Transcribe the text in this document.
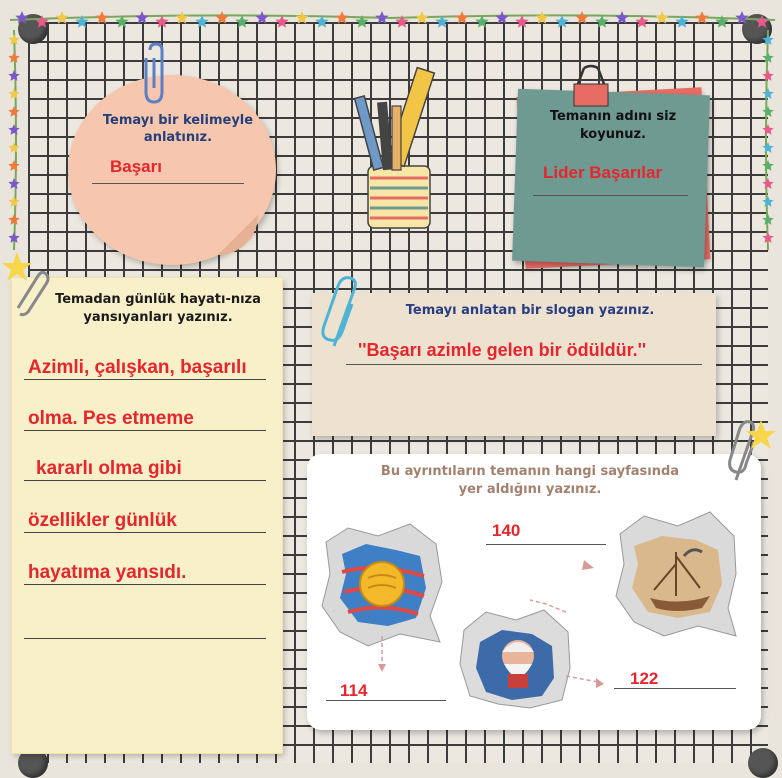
Temayı bir kelimeyle anlatınız.
Başarı
Temanın adını siz koyunuz.
Lider Başarılar
Temadan günlük hayatı-nıza yansıyanları yazınız.
Azimli, çalışkan, başarılı
olma. Pes etmeme
kararlı olma gibi
özellikler günlük
hayatıma yansıdı.
Temayı anlatan bir slogan yazınız.
''Başarı azimle gelen bir ödüldür.''
Bu ayrıntıların temanın hangi sayfasında yer aldığını yazınız.
140
114
122
